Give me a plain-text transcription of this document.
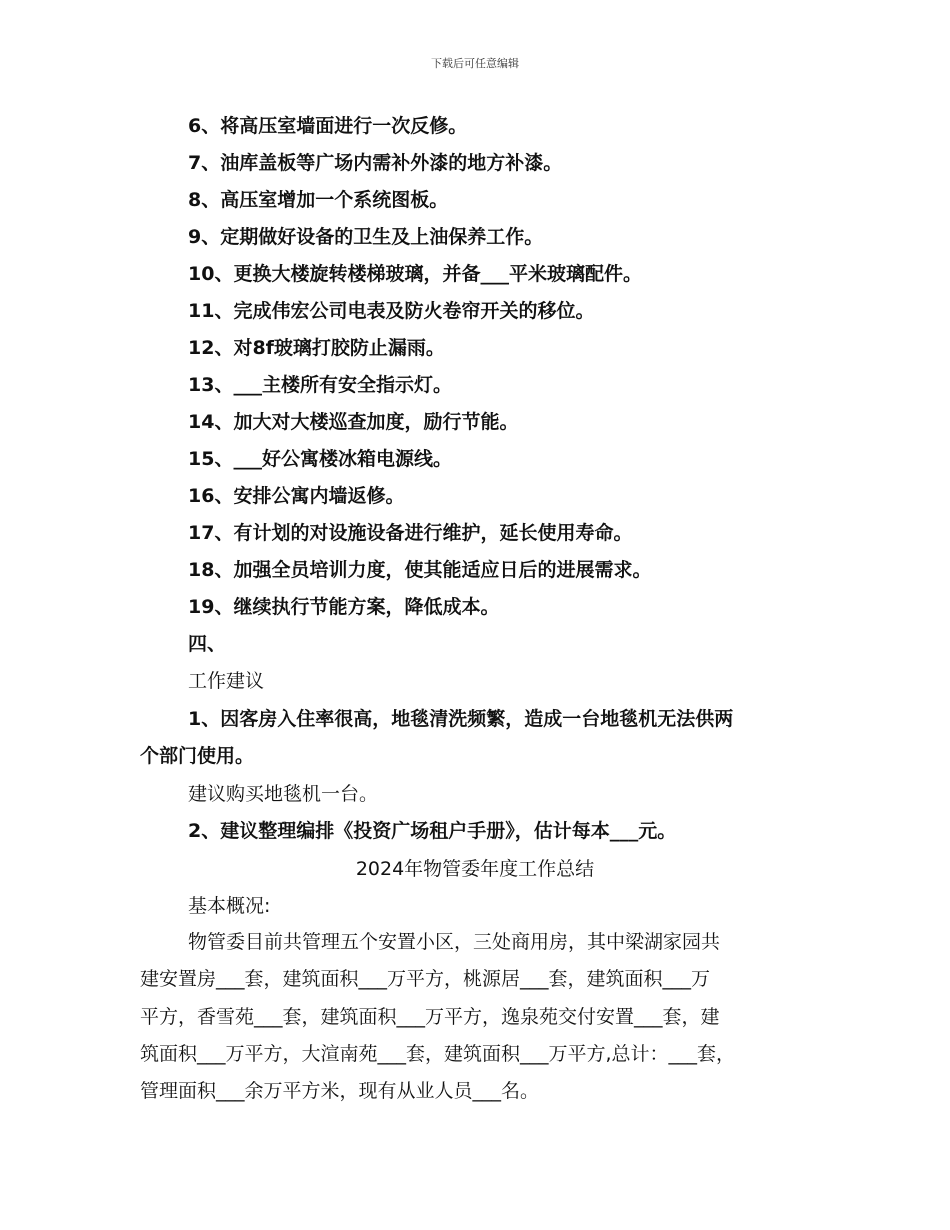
下载后可任意编辑
6、将高压室墙面进行一次反修。
7、油库盖板等广场内需补外漆的地方补漆。
8、高压室增加一个系统图板。
9、定期做好设备的卫生及上油保养工作。
10、更换大楼旋转楼梯玻璃，并备___平米玻璃配件。
11、完成伟宏公司电表及防火卷帘开关的移位。
12、对8f玻璃打胶防止漏雨。
13、___主楼所有安全指示灯。
14、加大对大楼巡查加度，励行节能。
15、___好公寓楼冰箱电源线。
16、安排公寓内墙返修。
17、有计划的对设施设备进行维护，延长使用寿命。
18、加强全员培训力度，使其能适应日后的进展需求。
19、继续执行节能方案，降低成本。
四、
工作建议
1、因客房入住率很高，地毯清洗频繁，造成一台地毯机无法供两
个部门使用。
建议购买地毯机一台。
2、建议整理编排《投资广场租户手册》，估计每本___元。
2024年物管委年度工作总结
基本概况:
物管委目前共管理五个安置小区，三处商用房，其中梁湖家园共
建安置房___套，建筑面积___万平方，桃源居___套，建筑面积___万
平方，香雪苑___套，建筑面积___万平方，逸泉苑交付安置___套，建
筑面积___万平方，大渲南苑___套，建筑面积___万平方,总计：___套，
管理面积___余万平方米，现有从业人员___名。
